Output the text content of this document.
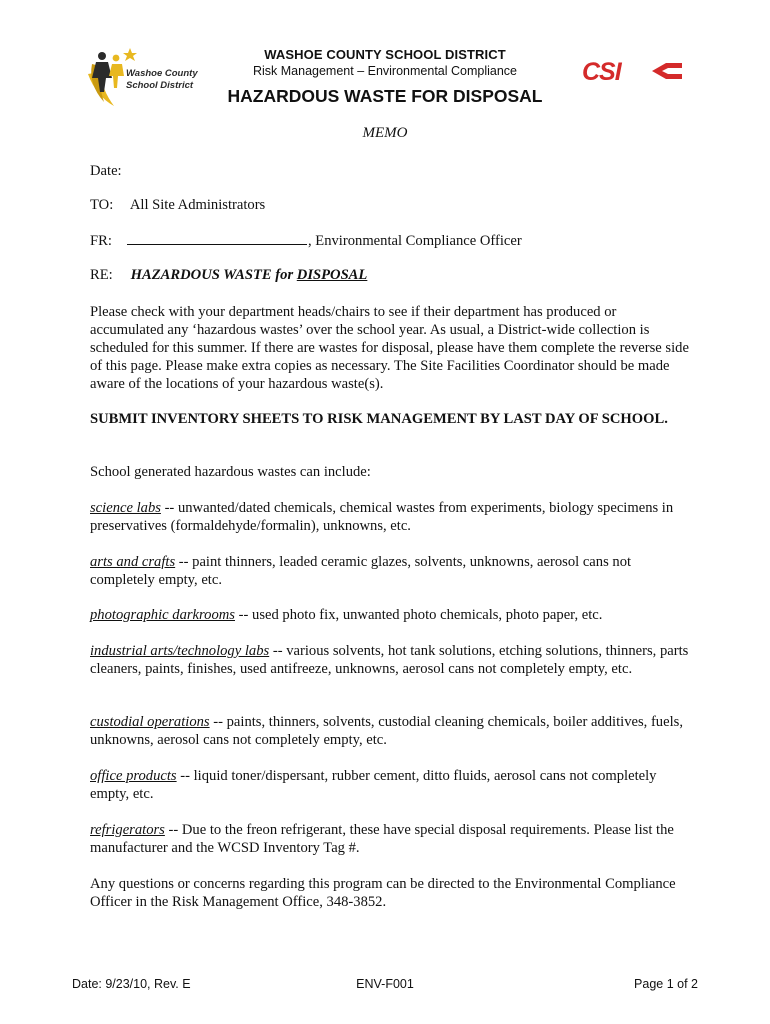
Washoe County
School District	CSI
WASHOE COUNTY SCHOOL DISTRICT
Risk Management – Environmental Compliance
HAZARDOUS WASTE FOR DISPOSAL
MEMO
Date:
TO: All Site Administrators
FR:	, Environmental Compliance Officer
RE: HAZARDOUS WASTE for DISPOSAL
Please check with your department heads/chairs to see if their department has produced or accumulated any ‘hazardous wastes’ over the school year. As usual, a District-wide collection is scheduled for this summer. If there are wastes for disposal, please have them complete the reverse side of this page. Please make extra copies as necessary. The Site Facilities Coordinator should be made aware of the locations of your hazardous waste(s).
SUBMIT INVENTORY SHEETS TO RISK MANAGEMENT BY LAST DAY OF SCHOOL.
School generated hazardous wastes can include:
science labs -- unwanted/dated chemicals, chemical wastes from experiments, biology specimens in preservatives (formaldehyde/formalin), unknowns, etc.
arts and crafts -- paint thinners, leaded ceramic glazes, solvents, unknowns, aerosol cans not completely empty, etc.
photographic darkrooms -- used photo fix, unwanted photo chemicals, photo paper, etc.
industrial arts/technology labs -- various solvents, hot tank solutions, etching solutions, thinners, parts cleaners, paints, finishes, used antifreeze, unknowns, aerosol cans not completely empty, etc.
custodial operations -- paints, thinners, solvents, custodial cleaning chemicals, boiler additives, fuels, unknowns, aerosol cans not completely empty, etc.
office products -- liquid toner/dispersant, rubber cement, ditto fluids, aerosol cans not completely empty, etc.
refrigerators -- Due to the freon refrigerant, these have special disposal requirements. Please list the manufacturer and the WCSD Inventory Tag #.
Any questions or concerns regarding this program can be directed to the Environmental Compliance Officer in the Risk Management Office, 348-3852.
Date: 9/23/10, Rev. E	ENV-F001	Page 1 of 2
